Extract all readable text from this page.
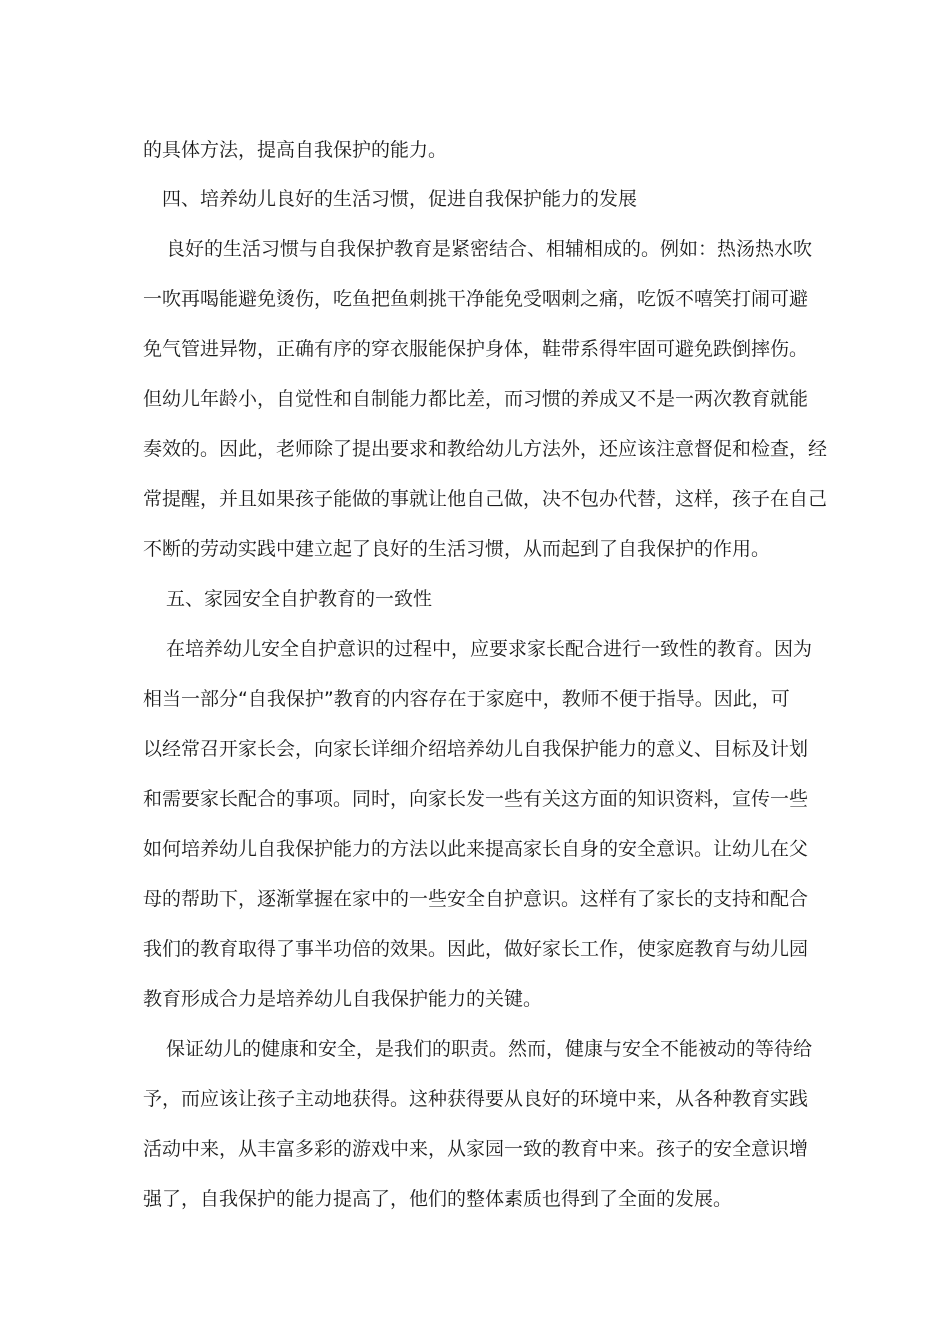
的具体方法，提高自我保护的能力。
四、培养幼儿良好的生活习惯，促进自我保护能力的发展
良好的生活习惯与自我保护教育是紧密结合、相辅相成的。例如：热汤热水吹
一吹再喝能避免烫伤，吃鱼把鱼刺挑干净能免受咽刺之痛，吃饭不嘻笑打闹可避
免气管进异物，正确有序的穿衣服能保护身体，鞋带系得牢固可避免跌倒摔伤。
但幼儿年龄小，自觉性和自制能力都比差，而习惯的养成又不是一两次教育就能
奏效的。因此，老师除了提出要求和教给幼儿方法外，还应该注意督促和检查，经
常提醒，并且如果孩子能做的事就让他自己做，决不包办代替，这样，孩子在自己
不断的劳动实践中建立起了良好的生活习惯，从而起到了自我保护的作用。
五、家园安全自护教育的一致性
在培养幼儿安全自护意识的过程中，应要求家长配合进行一致性的教育。因为
相当一部分“自我保护”教育的内容存在于家庭中，教师不便于指导。因此，可
以经常召开家长会，向家长详细介绍培养幼儿自我保护能力的意义、目标及计划
和需要家长配合的事项。同时，向家长发一些有关这方面的知识资料，宣传一些
如何培养幼儿自我保护能力的方法以此来提高家长自身的安全意识。让幼儿在父
母的帮助下，逐渐掌握在家中的一些安全自护意识。这样有了家长的支持和配合
我们的教育取得了事半功倍的效果。因此，做好家长工作，使家庭教育与幼儿园
教育形成合力是培养幼儿自我保护能力的关键。
保证幼儿的健康和安全，是我们的职责。然而，健康与安全不能被动的等待给
予，而应该让孩子主动地获得。这种获得要从良好的环境中来，从各种教育实践
活动中来，从丰富多彩的游戏中来，从家园一致的教育中来。孩子的安全意识增
强了，自我保护的能力提高了，他们的整体素质也得到了全面的发展。
